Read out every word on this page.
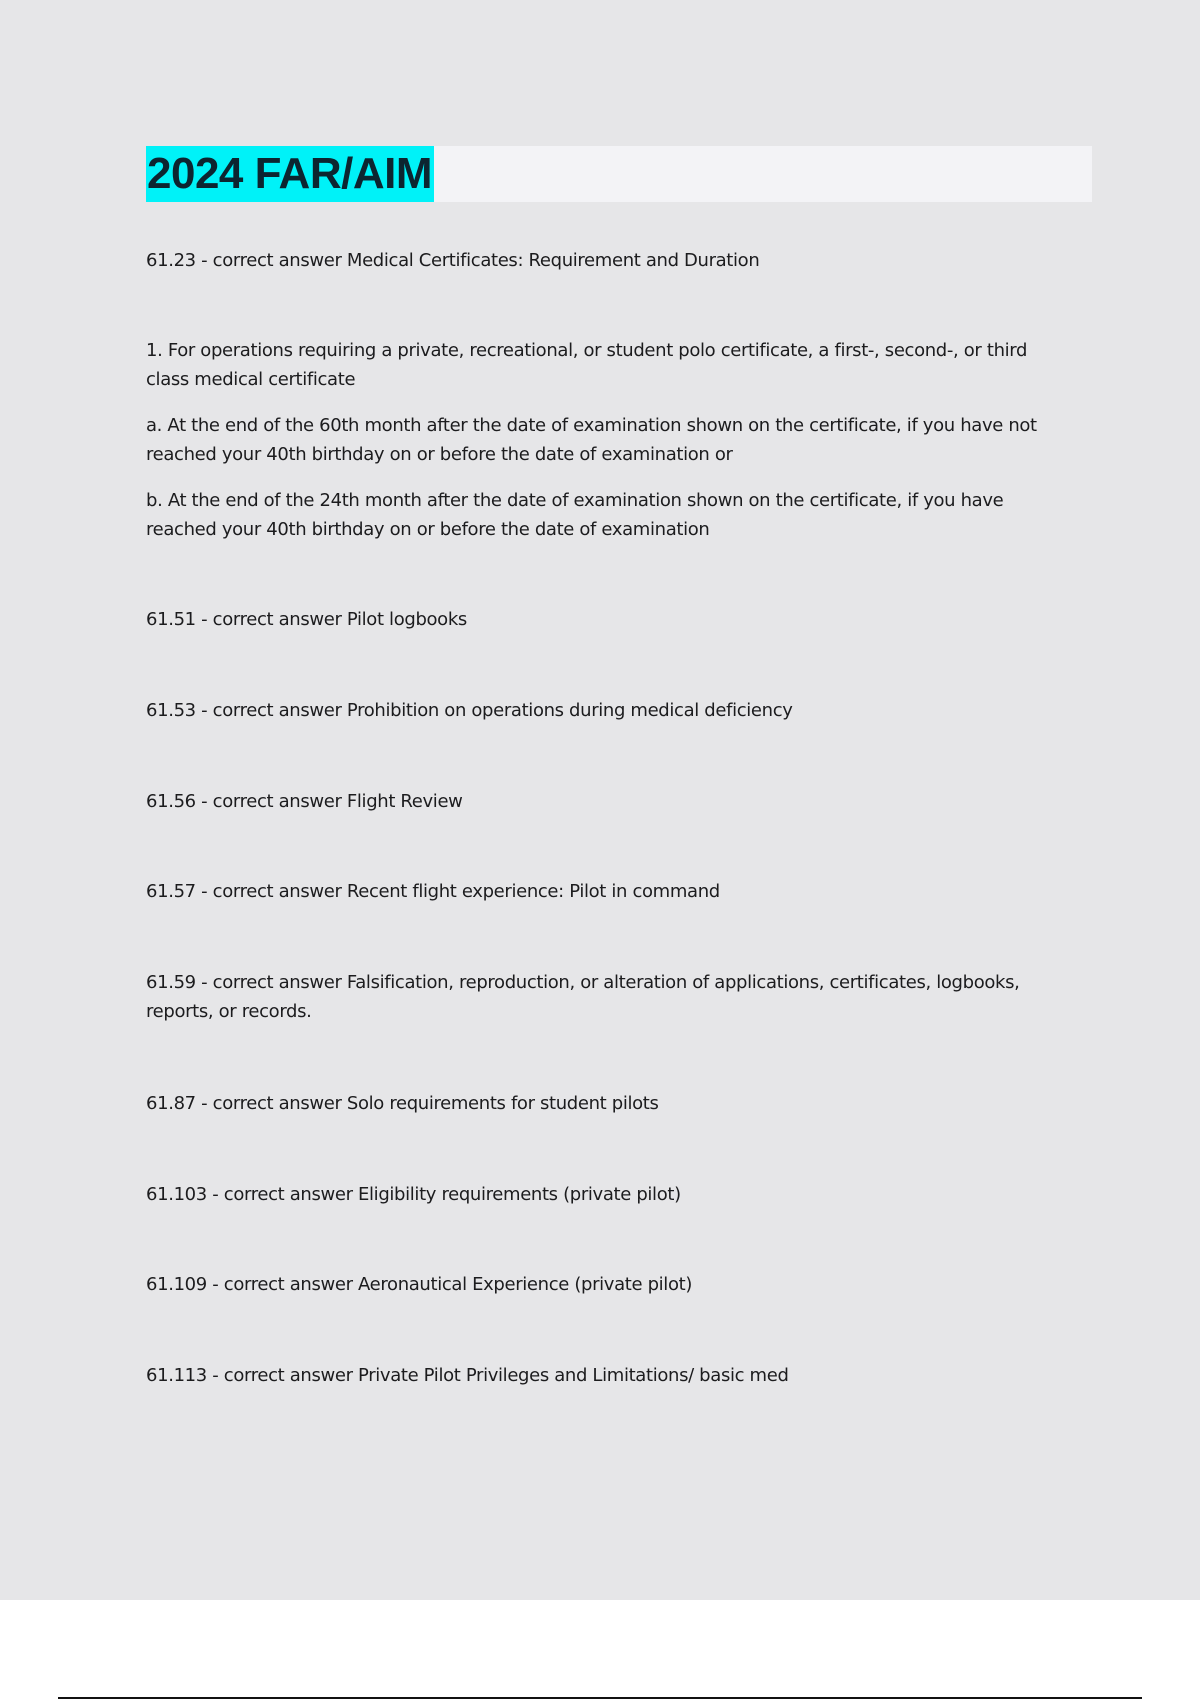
2024 FAR/AIM

61.23 - correct answer Medical Certificates: Requirement and Duration

1. For operations requiring a private, recreational, or student polo certificate, a first-, second-, or third class medical certificate

a. At the end of the 60th month after the date of examination shown on the certificate, if you have not reached your 40th birthday on or before the date of examination or

b. At the end of the 24th month after the date of examination shown on the certificate, if you have reached your 40th birthday on or before the date of examination

61.51 - correct answer Pilot logbooks

61.53 - correct answer Prohibition on operations during medical deficiency

61.56 - correct answer Flight Review

61.57 - correct answer Recent flight experience: Pilot in command

61.59 - correct answer Falsification, reproduction, or alteration of applications, certificates, logbooks, reports, or records.

61.87 - correct answer Solo requirements for student pilots

61.103 - correct answer Eligibility requirements (private pilot)

61.109 - correct answer Aeronautical Experience (private pilot)

61.113 - correct answer Private Pilot Privileges and Limitations/ basic med
